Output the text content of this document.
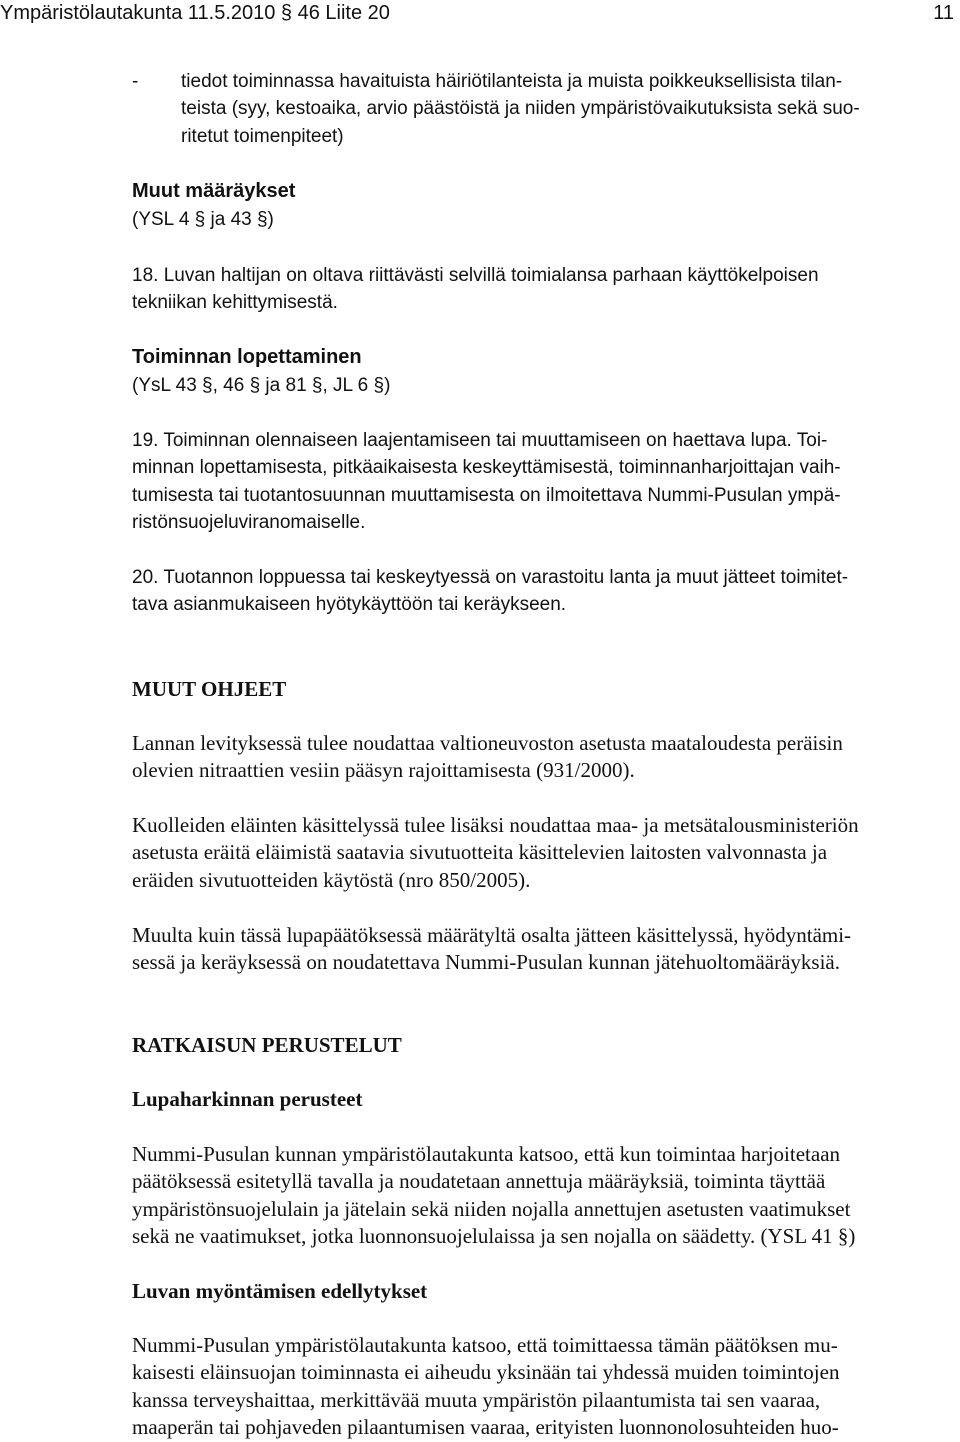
Ympäristölautakunta 11.5.2010 § 46 Liite 20	11
- tiedot toiminnassa havaituista häiriötilanteista ja muista poikkeuksellisista tilan-
teista (syy, kestoaika, arvio päästöistä ja niiden ympäristövaikutuksista sekä suo-
ritetut toimenpiteet)
Muut määräykset
(YSL 4 § ja 43 §)
18. Luvan haltijan on oltava riittävästi selvillä toimialansa parhaan käyttökelpoisen
tekniikan kehittymisestä.
Toiminnan lopettaminen
(YsL 43 §, 46 § ja 81 §, JL 6 §)
19. Toiminnan olennaiseen laajentamiseen tai muuttamiseen on haettava lupa. Toi-
minnan lopettamisesta, pitkäaikaisesta keskeyttämisestä, toiminnanharjoittajan vaih-
tumisesta tai tuotantosuunnan muuttamisesta on ilmoitettava Nummi-Pusulan ympä-
ristönsuojeluviranomaiselle.
20. Tuotannon loppuessa tai keskeytyessä on varastoitu lanta ja muut jätteet toimitet-
tava asianmukaiseen hyötykäyttöön tai keräykseen.
MUUT OHJEET
Lannan levityksessä tulee noudattaa valtioneuvoston asetusta maataloudesta peräisin
olevien nitraattien vesiin pääsyn rajoittamisesta (931/2000).
Kuolleiden eläinten käsittelyssä tulee lisäksi noudattaa maa- ja metsätalousministeriön
asetusta eräitä eläimistä saatavia sivutuotteita käsittelevien laitosten valvonnasta ja
eräiden sivutuotteiden käytöstä (nro 850/2005).
Muulta kuin tässä lupapäätöksessä määrätyltä osalta jätteen käsittelyssä, hyödyntämi-
sessä ja keräyksessä on noudatettava Nummi-Pusulan kunnan jätehuoltomääräyksiä.
RATKAISUN PERUSTELUT
Lupaharkinnan perusteet
Nummi-Pusulan kunnan ympäristölautakunta katsoo, että kun toimintaa harjoitetaan
päätöksessä esitetyllä tavalla ja noudatetaan annettuja määräyksiä, toiminta täyttää
ympäristönsuojelulain ja jätelain sekä niiden nojalla annettujen asetusten vaatimukset
sekä ne vaatimukset, jotka luonnonsuojelulaissa ja sen nojalla on säädetty. (YSL 41 §)
Luvan myöntämisen edellytykset
Nummi-Pusulan ympäristölautakunta katsoo, että toimittaessa tämän päätöksen mu-
kaisesti eläinsuojan toiminnasta ei aiheudu yksinään tai yhdessä muiden toimintojen
kanssa terveyshaittaa, merkittävää muuta ympäristön pilaantumista tai sen vaaraa,
maaperän tai pohjaveden pilaantumisen vaaraa, erityisten luonnonolosuhteiden huo-
